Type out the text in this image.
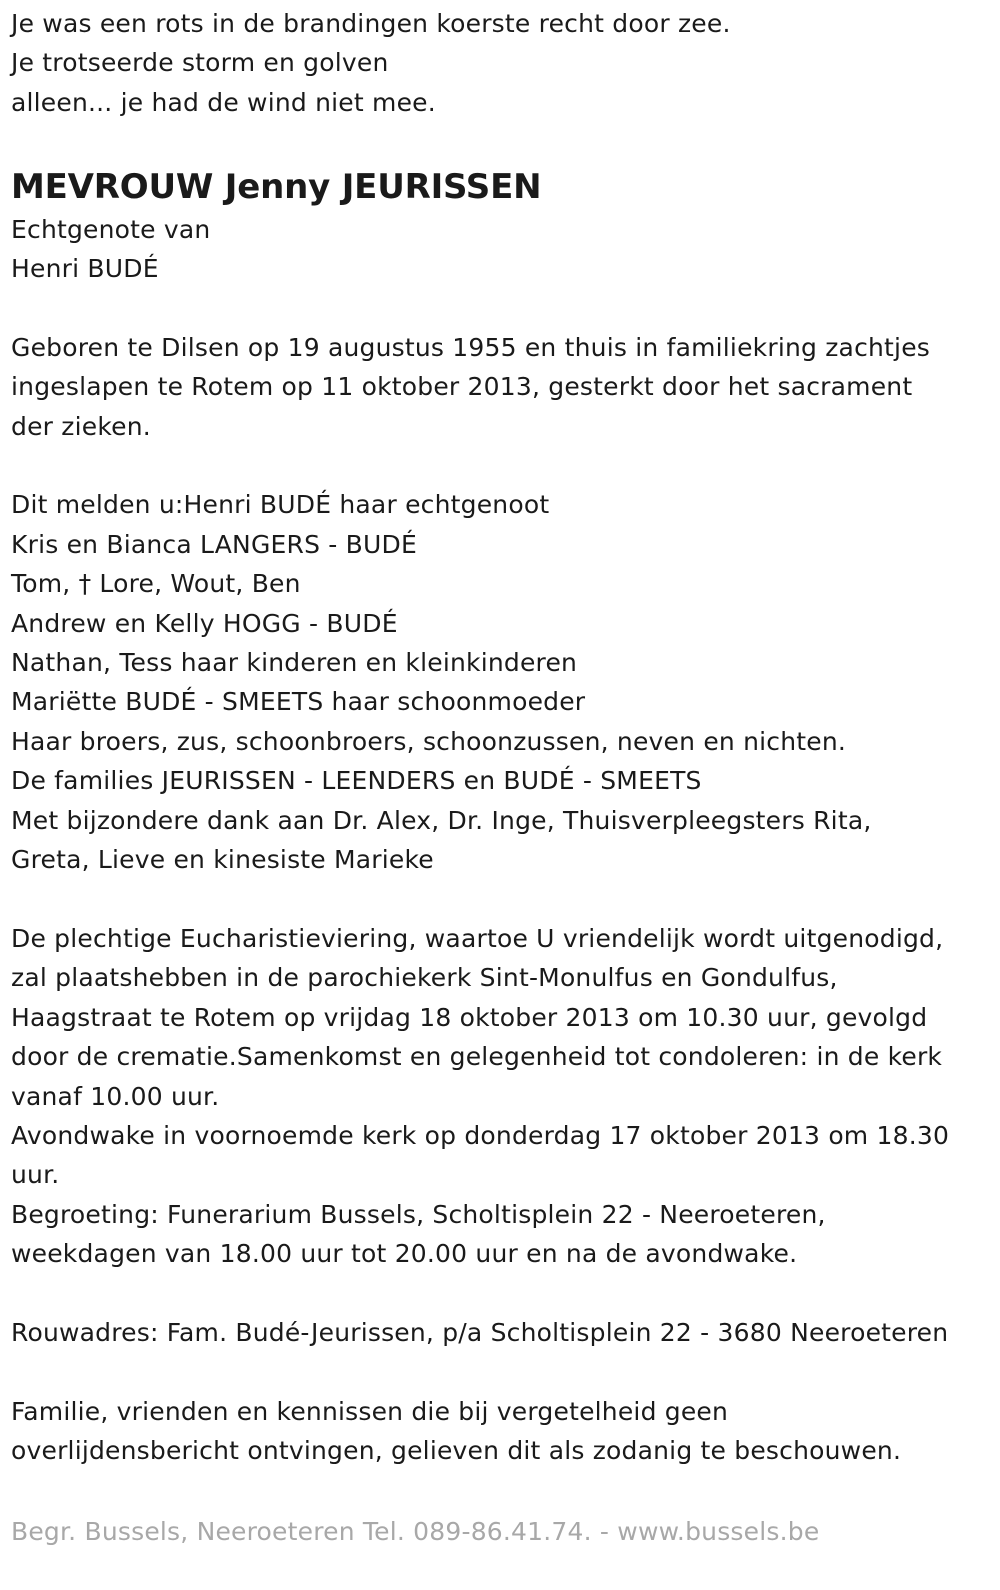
Je was een rots in de brandingen koerste recht door zee.
Je trotseerde storm en golven
alleen... je had de wind niet mee.
MEVROUW Jenny JEURISSEN
Echtgenote van
Henri BUDÉ
Geboren te Dilsen op 19 augustus 1955 en thuis in familiekring zachtjes
ingeslapen te Rotem op 11 oktober 2013, gesterkt door het sacrament
der zieken.
Dit melden u:Henri BUDÉ haar echtgenoot
Kris en Bianca LANGERS - BUDÉ
Tom, † Lore, Wout, Ben
Andrew en Kelly HOGG - BUDÉ
Nathan, Tess haar kinderen en kleinkinderen
Mariëtte BUDÉ - SMEETS haar schoonmoeder
Haar broers, zus, schoonbroers, schoonzussen, neven en nichten.
De families JEURISSEN - LEENDERS en BUDÉ - SMEETS
Met bijzondere dank aan Dr. Alex, Dr. Inge, Thuisverpleegsters Rita,
Greta, Lieve en kinesiste Marieke
De plechtige Eucharistieviering, waartoe U vriendelijk wordt uitgenodigd,
zal plaatshebben in de parochiekerk Sint-Monulfus en Gondulfus,
Haagstraat te Rotem op vrijdag 18 oktober 2013 om 10.30 uur, gevolgd
door de crematie.Samenkomst en gelegenheid tot condoleren: in de kerk
vanaf 10.00 uur.
Avondwake in voornoemde kerk op donderdag 17 oktober 2013 om 18.30
uur.
Begroeting: Funerarium Bussels, Scholtisplein 22 - Neeroeteren,
weekdagen van 18.00 uur tot 20.00 uur en na de avondwake.
Rouwadres: Fam. Budé-Jeurissen, p/a Scholtisplein 22 - 3680 Neeroeteren
Familie, vrienden en kennissen die bij vergetelheid geen
overlijdensbericht ontvingen, gelieven dit als zodanig te beschouwen.
Begr. Bussels, Neeroeteren Tel. 089-86.41.74. - www.bussels.be
